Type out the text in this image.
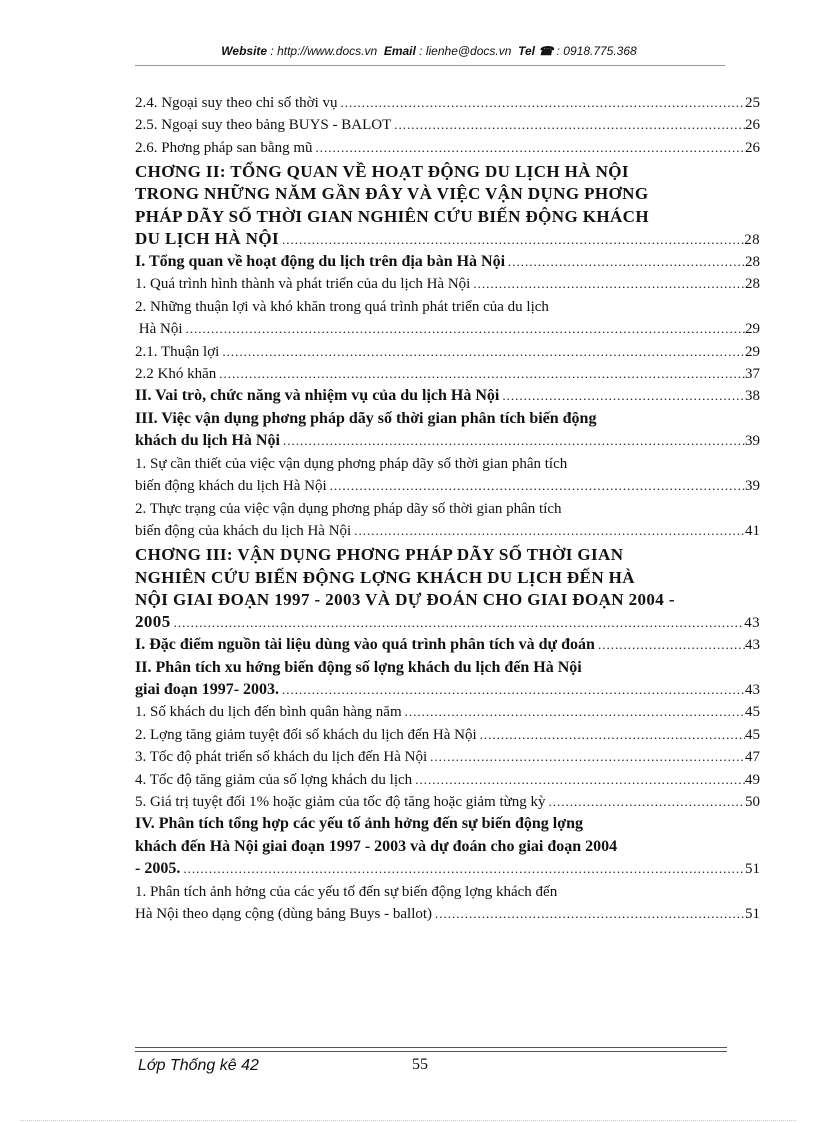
Website : http://www.docs.vn Email : lienhe@docs.vn Tel ☎ : 0918.775.368
2.4. Ngoại suy theo chỉ số thời vụ .....	25
2.5. Ngoại suy theo bảng BUYS - BALOT .....	26
2.6. Phơng pháp san bằng mũ .....	26
CHƠNG II: TỔNG QUAN VỀ HOẠT ĐỘNG DU LỊCH HÀ NỘI
TRONG NHỮNG NĂM GẦN ĐÂY VÀ VIỆC VẬN DỤNG PHƠNG
PHÁP DÃY SỐ THỜI GIAN NGHIÊN CỨU BIẾN ĐỘNG KHÁCH
DU LỊCH HÀ NỘI .....	28
I. Tổng quan về hoạt động du lịch trên địa bàn Hà Nội .....	28
1. Quá trình hình thành và phát triển của du lịch Hà Nội .....	28
2. Những thuận lợi và khó khăn trong quá trình phát triển của du lịch
Hà Nội .....	29
2.1. Thuận lợi .....	29
2.2 Khó khăn .....	37
II. Vai trò, chức năng và nhiệm vụ của du lịch Hà Nội .....	38
III. Việc vận dụng phơng pháp dãy số thời gian phân tích biến động
khách du lịch Hà Nội .....	39
1. Sự cần thiết của việc vận dụng phơng pháp dãy số thời gian phân tích
biến động khách du lịch Hà Nội .....	39
2. Thực trạng của việc vận dụng phơng pháp dãy số thời gian phân tích
biến động của khách du lịch Hà Nội .....	41
CHƠNG III: VẬN DỤNG PHƠNG PHÁP DÃY SỐ THỜI GIAN
NGHIÊN CỨU BIẾN ĐỘNG LỢNG KHÁCH DU LỊCH ĐẾN HÀ
NỘI GIAI ĐOẠN 1997 - 2003 VÀ DỰ ĐOÁN CHO GIAI ĐOẠN 2004 -
2005 .....	43
I. Đặc điểm nguồn tài liệu dùng vào quá trình phân tích và dự đoán .....	43
II. Phân tích xu hớng biến động số lợng khách du lịch đến Hà Nội
giai đoạn 1997- 2003. .....	43
1. Số khách du lịch đến bình quân hàng năm .....	45
2. Lợng tăng giảm tuyệt đối số khách du lịch đến Hà Nội .....	45
3. Tốc độ phát triển số khách du lịch đến Hà Nội .....	47
4. Tốc độ tăng giảm của số lợng khách du lịch .....	49
5. Giá trị tuyệt đối 1% hoặc giảm của tốc độ tăng hoặc giảm từng kỳ .....	50
IV. Phân tích tổng hợp các yếu tố ảnh hởng đến sự biến động lợng
khách đến Hà Nội giai đoạn 1997 - 2003 và dự đoán cho giai đoạn 2004
- 2005. .....	51
1. Phân tích ảnh hởng của các yếu tố đến sự biến động lợng khách đến
Hà Nội theo dạng cộng (dùng bảng Buys - ballot) .....	51
Lớp Thống kê 42	55
